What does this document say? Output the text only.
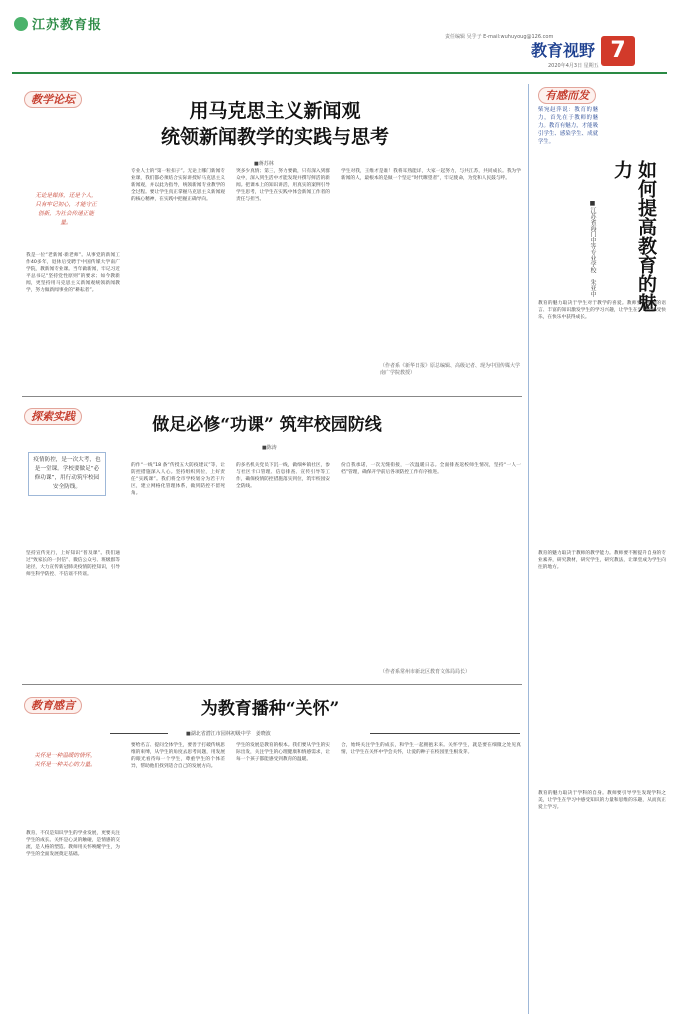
江苏教育报
责任编辑 吴乎子 E-mail:wuhuyoug@126.com
教育视野 7
2020年4月3日 星期五
教学论坛
用马克思主义新闻观
统领新闻教学的实践与思考
■蒋苏林
无论是媒体，还是个人，只有牢记初心，才能守正创新，为社会传递正能量。
我是一位“老新闻·新老师”。从事党的新闻工作40多年，退休后受聘于中国传媒大学南广学院，教新闻专业课。当年做新闻，牢记习近平总书记“坚持党性原则”的要求；如今教新闻，更坚持用马克思主义新闻观统领新闻教学，努力做新闻事业的“耕耘者”。
专业人士的“第一粒扣子”。无论上哪门新闻专业课，我们都必须结合实际讲授好马克思主义新闻观，并以此为指导，统领新闻专业教学的全过程。要让学生真正掌握马克思主义新闻观的核心精神，在实践中把握正确导向。
突多少真情；第三，努力要做，只有深入到群众中，深入到生活中才能发现并撰写鲜活的新闻。把课本上的知识讲活，用真实的案例引导学生思考，让学生在实践中体会新闻工作者的责任与担当。
学生对我，王维才是谁！我将耳熟能详，大家一起努力，与共江苏，共同成长。我为学新闻的人，最根本的是做一个坚定“时代瞭望者”，牢记使命，为党和人民鼓与呼。
（作者系《新华日报》原总编辑、高级记者、现为中国传媒大学南广学院教授）
探索实践	做足必修“功课” 筑牢校园防线
■陈涛
疫情防控，是一次大考，也是一堂课。学校要做足“必修功课”，用行动筑牢校园安全防线。
坚持宣传先行，上好知识“普及课”。我们通过“致家长的一封信”、微信公众号、班级群等途径，大力宣传新冠肺炎疫情防控知识，引导师生科学防控、不信谣不传谣。
的作“一线”18 条“传授五大防疫建议”等，让防控措施深入人心。坚持组织到位，上好责任“实践课”。我们将全市学校划分为若干片区，建立网格化管理体系，做到防控不留死角。
的多名机关党员下沉一线，做细乡镇社区，参与社区卡口管理、信息排查、宣传引导等工作，确保疫情防控措施落实到位，筑牢校园安全防线。
份自我承诺，一次无缝衔接，一次温暖日志。全面排查返校师生情况，坚持“一人一档”管理，确保开学前后各项防控工作有序推进。
（作者系常州市新北区教育文体局局长）
教育感言	为教育播种“关怀”
■湖北省潜江市园林初级中学　姜晓波
关怀是一种温暖的情怀，关怀是一种关心的力量。
教育，不仅是知识学生的学业发展，更要关注学生的成长。关怀是心灵的触碰，是情感的交流，是人格的塑造。教师用关怀唤醒学生，为学生的全面发展奠定基础。
要给名言、提问全体学生，要善于打破传统思维的束缚，从学生的角度去思考问题，用发展的眼光看待每一个学生，尊重学生的个体差异，帮助他们找到适合自己的发展方向。
学生的发展是教育的根本。我们要从学生的实际出发，关注学生的心理健康和情感需求，让每一个孩子都能感受到教育的温暖。
合，始终关注学生的成长，和学生一起拥抱未来。关怀学生，就是要在细微之处见真情，让学生在关怀中学会关怀，让爱的种子在校园里生根发芽。
有感而发
柴宛赵萍说：教育的魅力，首先在于教师的魅力。教育有魅力，才能吸引学生、感染学生、成就学生。
如何提高教育的魅力
■江苏省海门中等专业学校　朱亚中
教育的魅力取决于学生对于教学的喜爱。教师要用生动的语言、丰富的知识激发学生的学习兴趣，让学生在学习中感受快乐，在快乐中获得成长。
教育的魅力取决于教师的教学能力。教师要不断提升自身的专业素养，研究教材，研究学生，研究教法，让课堂成为学生向往的地方。
教育的魅力取决于学科的自身。教师要引导学生发现学科之美，让学生在学习中感受知识的力量和思维的乐趣，从而真正爱上学习。
